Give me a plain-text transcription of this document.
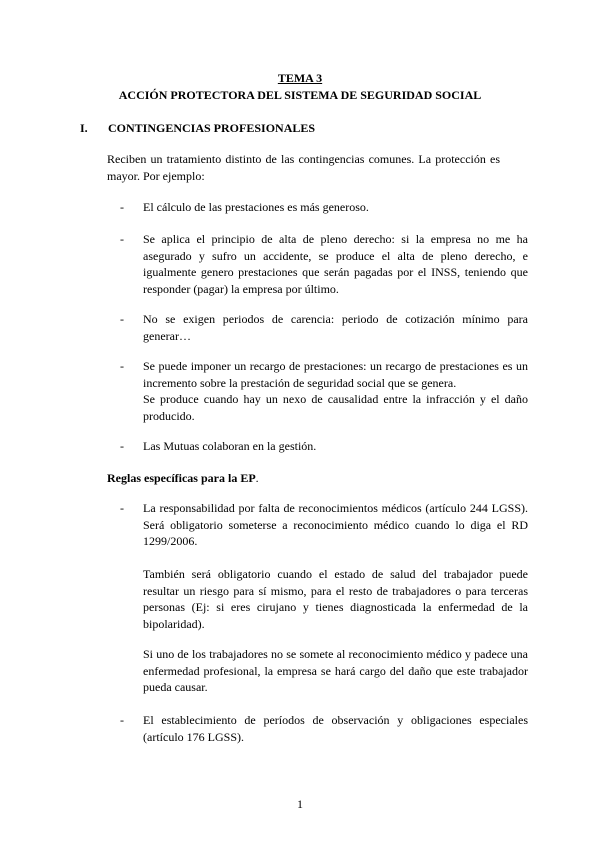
TEMA 3
ACCIÓN PROTECTORA DEL SISTEMA DE SEGURIDAD SOCIAL
I. CONTINGENCIAS PROFESIONALES

Reciben un tratamiento distinto de las contingencias comunes. La protección es mayor. Por ejemplo:

- El cálculo de las prestaciones es más generoso.

- Se aplica el principio de alta de pleno derecho: si la empresa no me ha asegurado y sufro un accidente, se produce el alta de pleno derecho, e igualmente genero prestaciones que serán pagadas por el INSS, teniendo que responder (pagar) la empresa por último.

- No se exigen periodos de carencia: periodo de cotización mínimo para generar…

- Se puede imponer un recargo de prestaciones: un recargo de prestaciones es un incremento sobre la prestación de seguridad social que se genera.

Se produce cuando hay un nexo de causalidad entre la infracción y el daño producido.

- Las Mutuas colaboran en la gestión.

Reglas específicas para la EP.
- La responsabilidad por falta de reconocimientos médicos (artículo 244 LGSS). Será obligatorio someterse a reconocimiento médico cuando lo diga el RD 1299/2006.

También será obligatorio cuando el estado de salud del trabajador puede resultar un riesgo para sí mismo, para el resto de trabajadores o para terceras personas (Ej: si eres cirujano y tienes diagnosticada la enfermedad de la bipolaridad).

Si uno de los trabajadores no se somete al reconocimiento médico y padece una enfermedad profesional, la empresa se hará cargo del daño que este trabajador pueda causar.

- El establecimiento de períodos de observación y obligaciones especiales (artículo 176 LGSS).

1
